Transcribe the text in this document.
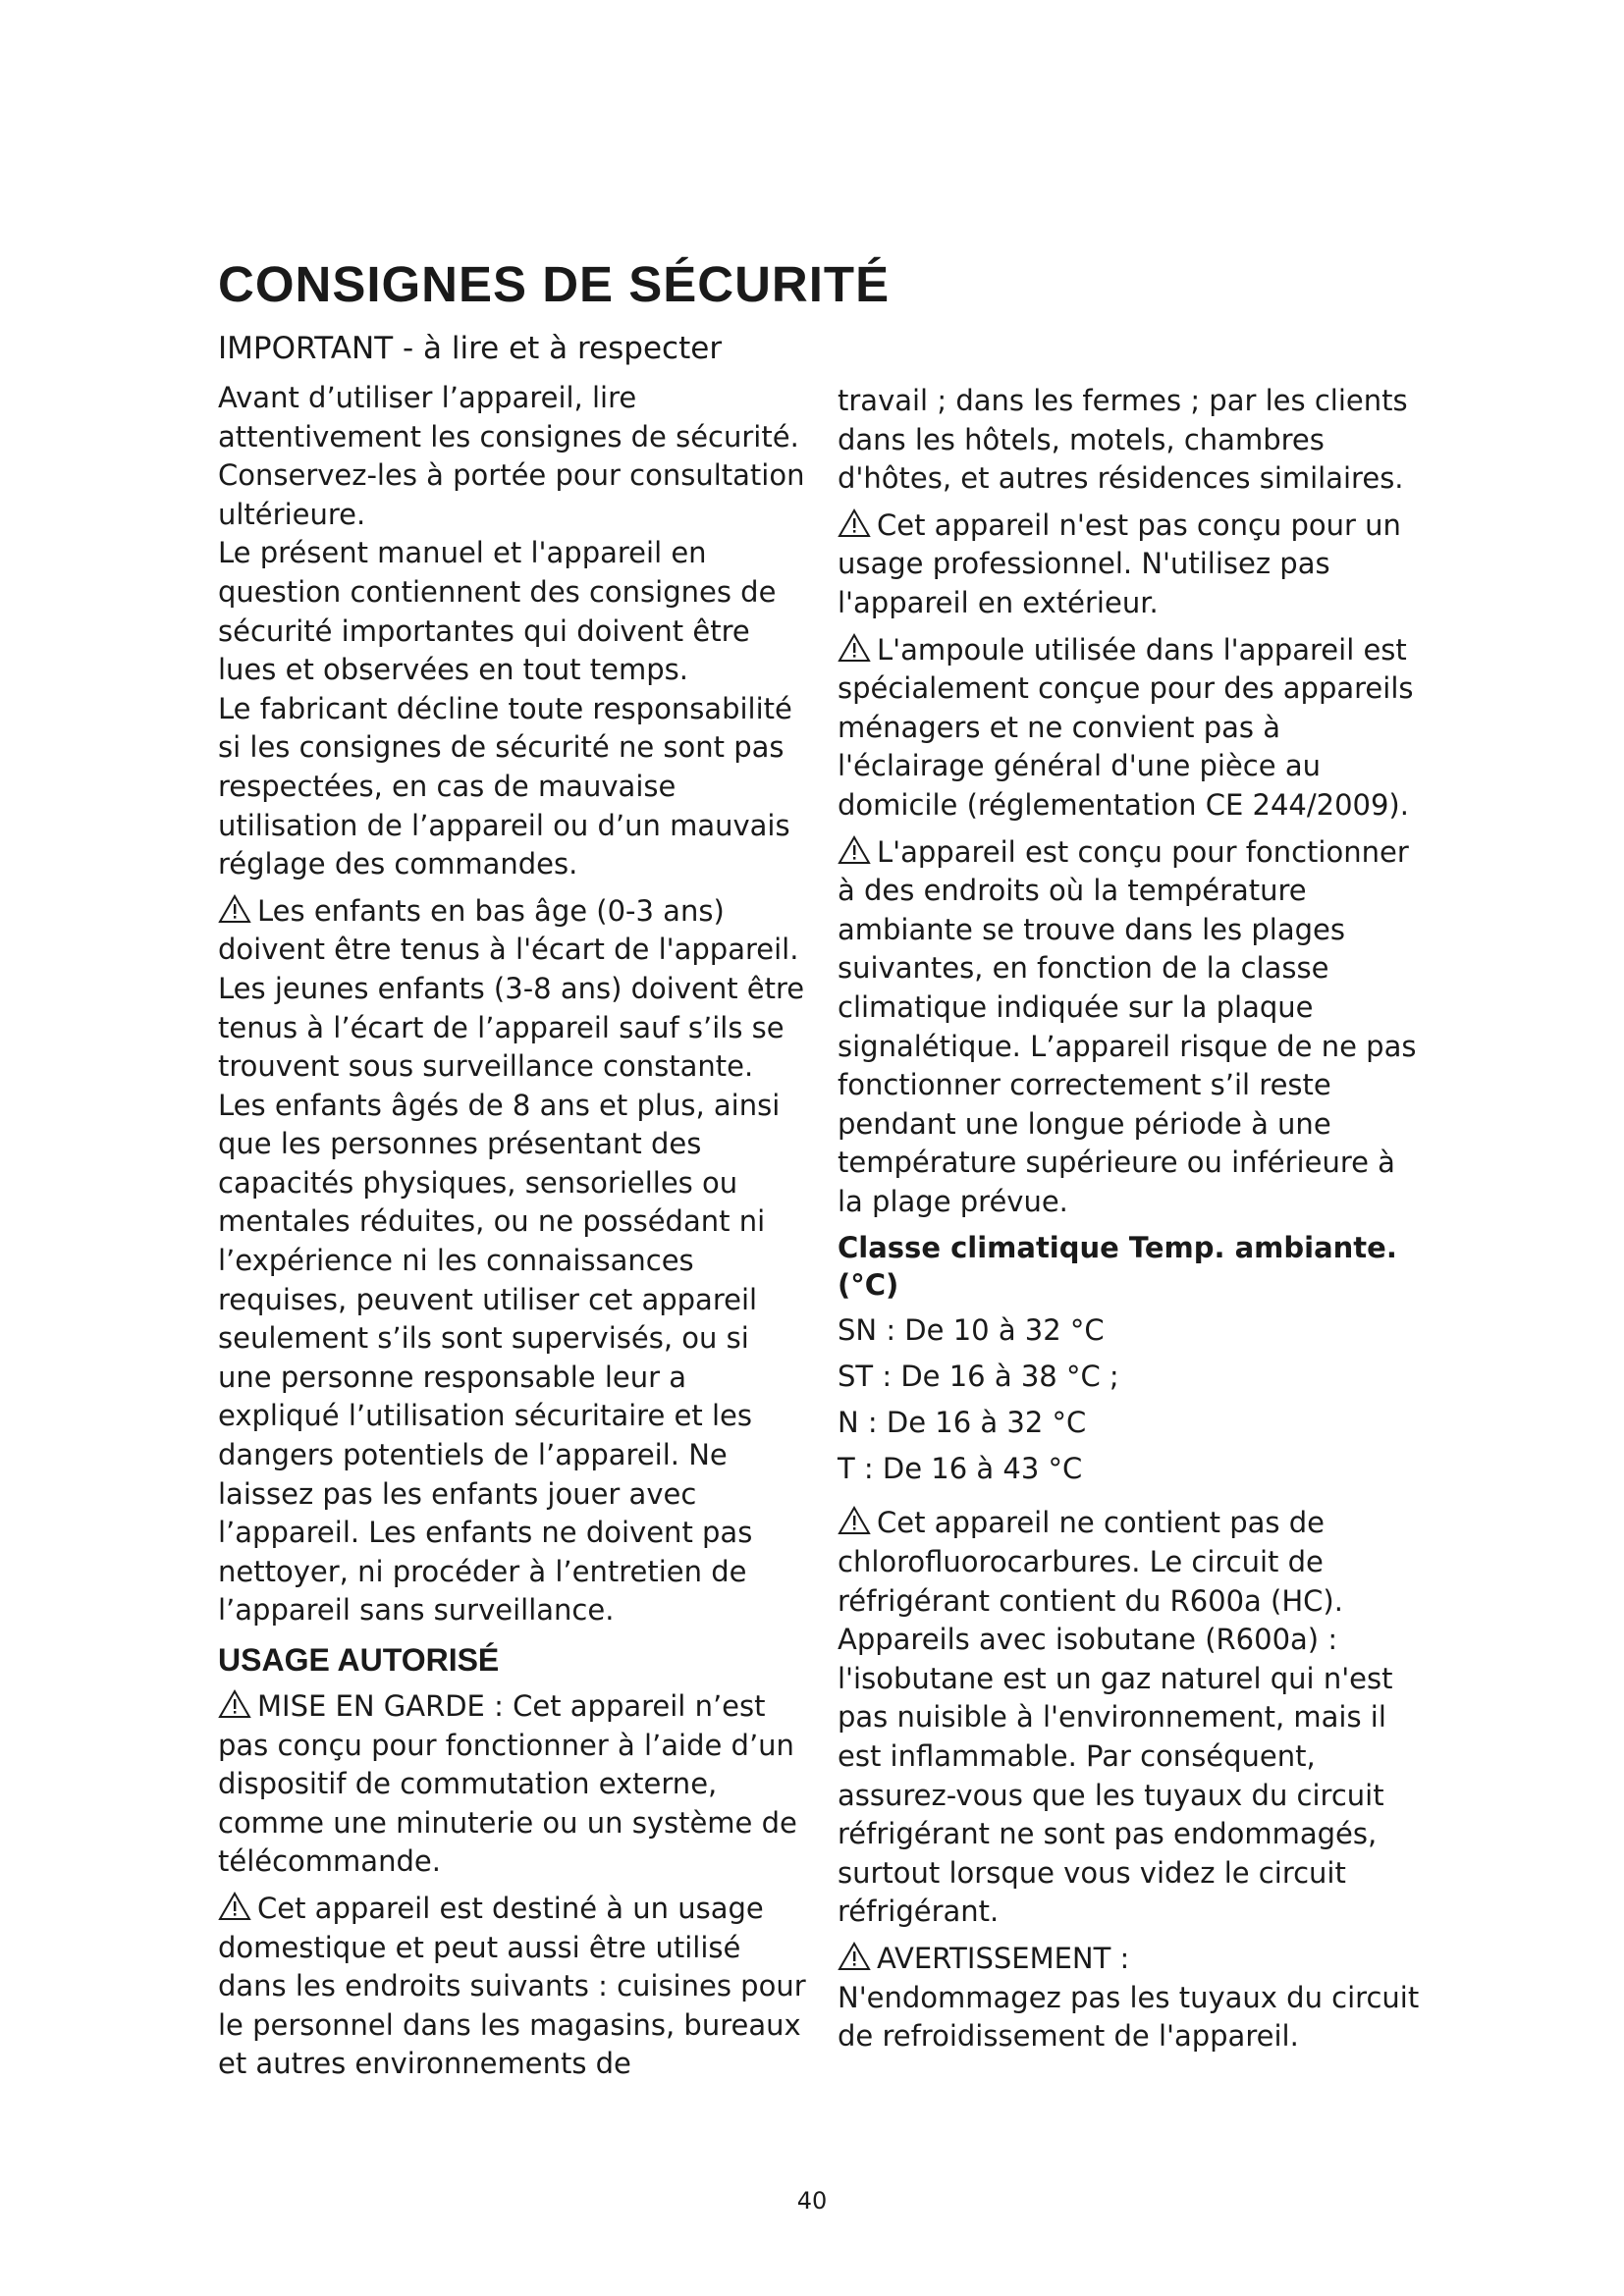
CONSIGNES DE SÉCURITÉ

IMPORTANT - à lire et à respecter

Avant d’utiliser l’appareil, lire attentivement les consignes de sécurité. Conservez-les à portée pour consultation ultérieure.

Le présent manuel et l'appareil en question contiennent des consignes de sécurité importantes qui doivent être lues et observées en tout temps.

Le fabricant décline toute responsabilité si les consignes de sécurité ne sont pas respectées, en cas de mauvaise utilisation de l’appareil ou d’un mauvais réglage des commandes.

Les enfants en bas âge (0-3 ans) doivent être tenus à l'écart de l'appareil. Les jeunes enfants (3-8 ans) doivent être tenus à l’écart de l’appareil sauf s’ils se trouvent sous surveillance constante. Les enfants âgés de 8 ans et plus, ainsi que les personnes présentant des capacités physiques, sensorielles ou mentales réduites, ou ne possédant ni l’expérience ni les connaissances requises, peuvent utiliser cet appareil seulement s’ils sont supervisés, ou si une personne responsable leur a expliqué l’utilisation sécuritaire et les dangers potentiels de l’appareil. Ne laissez pas les enfants jouer avec l’appareil. Les enfants ne doivent pas nettoyer, ni procéder à l’entretien de l’appareil sans surveillance.

USAGE AUTORISÉ

MISE EN GARDE : Cet appareil n’est pas conçu pour fonctionner à l’aide d’un dispositif de commutation externe, comme une minuterie ou un système de télécommande.

Cet appareil est destiné à un usage domestique et peut aussi être utilisé dans les endroits suivants : cuisines pour le personnel dans les magasins, bureaux et autres environnements de

travail ; dans les fermes ; par les clients dans les hôtels, motels, chambres d'hôtes, et autres résidences similaires.

Cet appareil n'est pas conçu pour un usage professionnel. N'utilisez pas l'appareil en extérieur.

L'ampoule utilisée dans l'appareil est spécialement conçue pour des appareils ménagers et ne convient pas à l'éclairage général d'une pièce au domicile (réglementation CE 244/2009).

L'appareil est conçu pour fonctionner à des endroits où la température ambiante se trouve dans les plages suivantes, en fonction de la classe climatique indiquée sur la plaque signalétique. L’appareil risque de ne pas fonctionner correctement s’il reste pendant une longue période à une température supérieure ou inférieure à la plage prévue.

Classe climatique Temp. ambiante. (°C)

SN : De 10 à 32 °C

ST : De 16 à 38 °C ;

N : De 16 à 32 °C

T : De 16 à 43 °C

Cet appareil ne contient pas de chlorofluorocarbures. Le circuit de réfrigérant contient du R600a (HC). Appareils avec isobutane (R600a) : l'isobutane est un gaz naturel qui n'est pas nuisible à l'environnement, mais il est inflammable. Par conséquent, assurez-vous que les tuyaux du circuit réfrigérant ne sont pas endommagés, surtout lorsque vous videz le circuit réfrigérant.

AVERTISSEMENT :
N'endommagez pas les tuyaux du circuit de refroidissement de l'appareil.

40
